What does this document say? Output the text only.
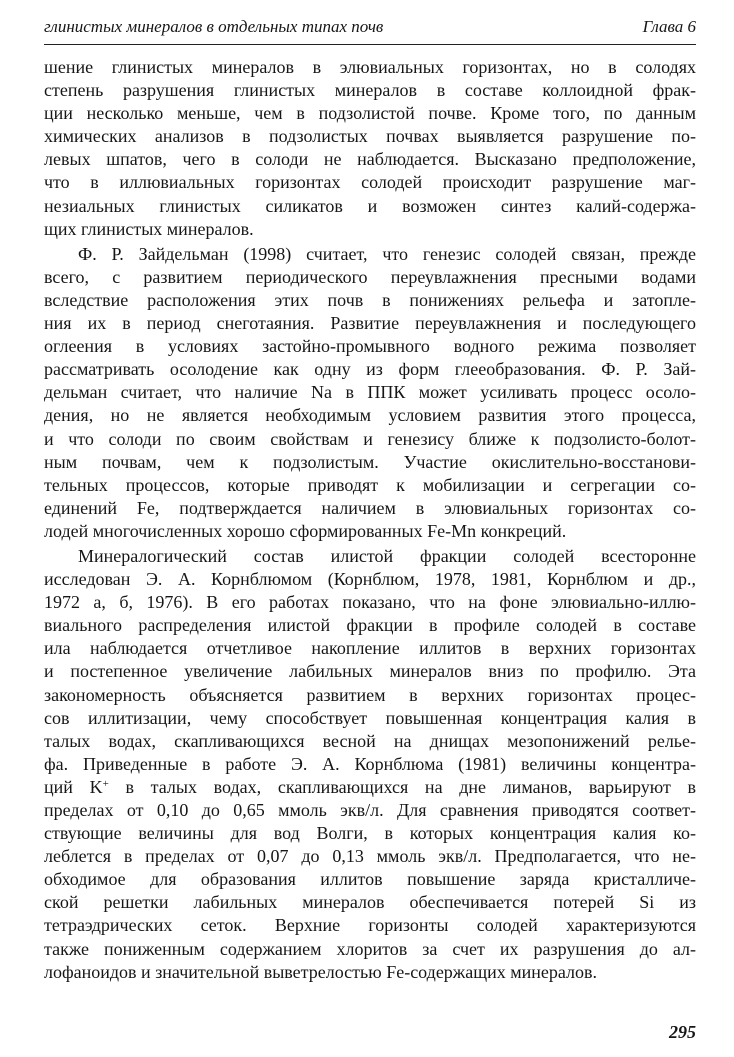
глинистых минералов в отдельных типах почв	Глава 6
шение глинистых минералов в элювиальных горизонтах, но в солодях
степень разрушения глинистых минералов в составе коллоидной фрак-
ции несколько меньше, чем в подзолистой почве. Кроме того, по данным
химических анализов в подзолистых почвах выявляется разрушение по-
левых шпатов, чего в солоди не наблюдается. Высказано предположение,
что в иллювиальных горизонтах солодей происходит разрушение маг-
незиальных глинистых силикатов и возможен синтез калий-содержа-
щих глинистых минералов.
Ф. Р. Зайдельман (1998) считает, что генезис солодей связан, прежде
всего, с развитием периодического переувлажнения пресными водами
вследствие расположения этих почв в понижениях рельефа и затопле-
ния их в период снеготаяния. Развитие переувлажнения и последующего
оглеения в условиях застойно-промывного водного режима позволяет
рассматривать осолодение как одну из форм глееобразования. Ф. Р. Зай-
дельман считает, что наличие Na в ППК может усиливать процесс осоло-
дения, но не является необходимым условием развития этого процесса,
и что солоди по своим свойствам и генезису ближе к подзолисто-болот-
ным почвам, чем к подзолистым. Участие окислительно-восстанови-
тельных процессов, которые приводят к мобилизации и сегрегации со-
единений Fe, подтверждается наличием в элювиальных горизонтах со-
лодей многочисленных хорошо сформированных Fe-Mn конкреций.
Минералогический состав илистой фракции солодей всесторонне
исследован Э. А. Корнблюмом (Корнблюм, 1978, 1981, Корнблюм и др.,
1972 а, б, 1976). В его работах показано, что на фоне элювиально-иллю-
виального распределения илистой фракции в профиле солодей в составе
ила наблюдается отчетливое накопление иллитов в верхних горизонтах
и постепенное увеличение лабильных минералов вниз по профилю. Эта
закономерность объясняется развитием в верхних горизонтах процес-
сов иллитизации, чему способствует повышенная концентрация калия в
талых водах, скапливающихся весной на днищах мезопонижений релье-
фа. Приведенные в работе Э. А. Корнблюма (1981) величины концентра-
ций K+ в талых водах, скапливающихся на дне лиманов, варьируют в
пределах от 0,10 до 0,65 ммоль экв/л. Для сравнения приводятся соответ-
ствующие величины для вод Волги, в которых концентрация калия ко-
леблется в пределах от 0,07 до 0,13 ммоль экв/л. Предполагается, что не-
обходимое для образования иллитов повышение заряда кристалличе-
ской решетки лабильных минералов обеспечивается потерей Si из
тетраэдрических сеток. Верхние горизонты солодей характеризуются
также пониженным содержанием хлоритов за счет их разрушения до ал-
лофаноидов и значительной выветрелостью Fe-содержащих минералов.
295
